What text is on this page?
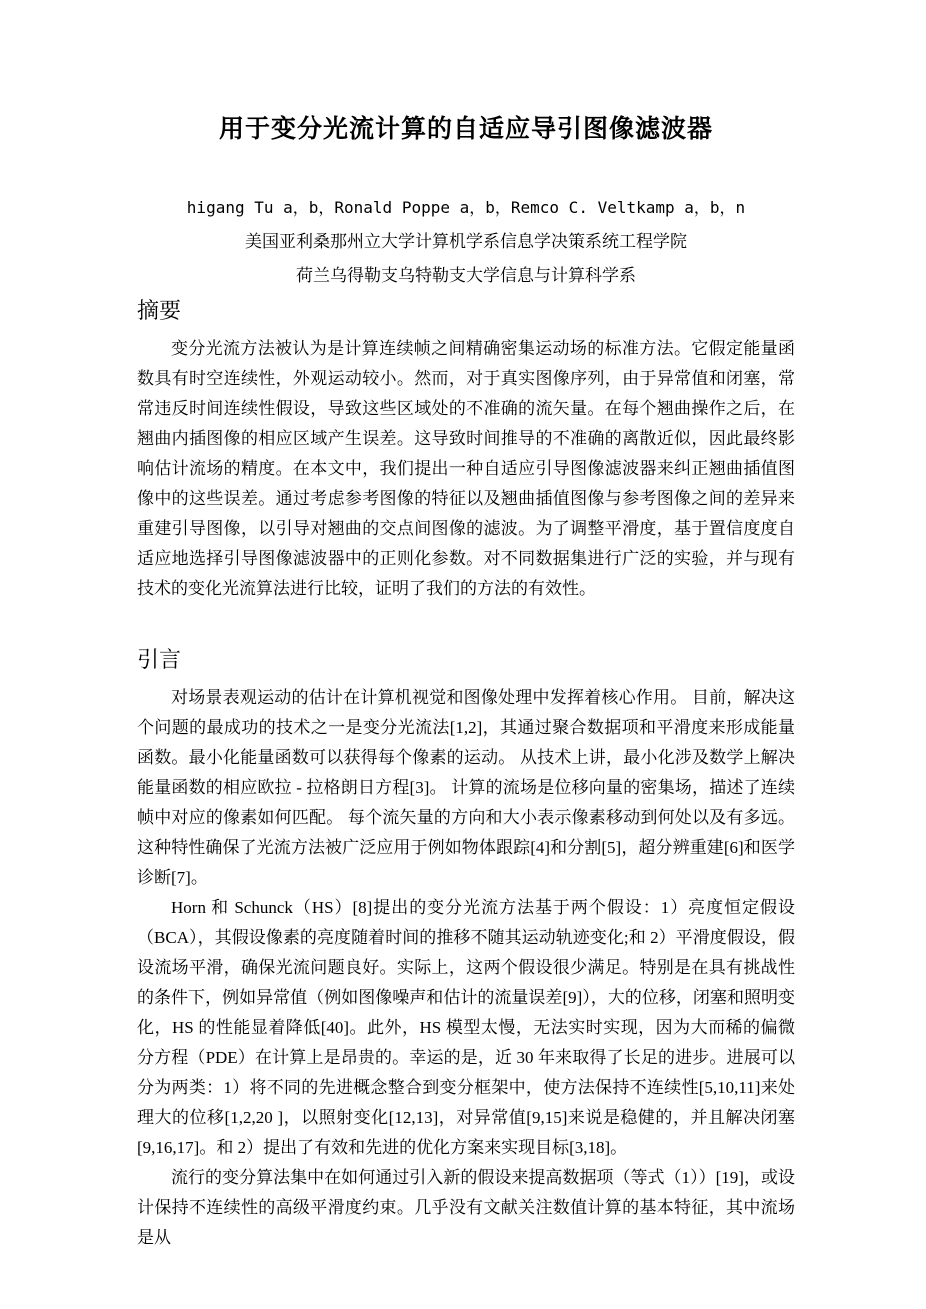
用于变分光流计算的自适应导引图像滤波器

higang Tu a，b，Ronald Poppe a，b，Remco C. Veltkamp a，b，n

美国亚利桑那州立大学计算机学系信息学决策系统工程学院

荷兰乌得勒支乌特勒支大学信息与计算科学系

摘要

变分光流方法被认为是计算连续帧之间精确密集运动场的标准方法。它假定能量函数具有时空连续性，外观运动较小。然而，对于真实图像序列，由于异常值和闭塞，常常违反时间连续性假设，导致这些区域处的不准确的流矢量。在每个翘曲操作之后，在翘曲内插图像的相应区域产生误差。这导致时间推导的不准确的离散近似，因此最终影响估计流场的精度。在本文中，我们提出一种自适应引导图像滤波器来纠正翘曲插值图像中的这些误差。通过考虑参考图像的特征以及翘曲插值图像与参考图像之间的差异来重建引导图像，以引导对翘曲的交点间图像的滤波。为了调整平滑度，基于置信度度自适应地选择引导图像滤波器中的正则化参数。对不同数据集进行广泛的实验，并与现有技术的变化光流算法进行比较，证明了我们的方法的有效性。

引言

对场景表观运动的估计在计算机视觉和图像处理中发挥着核心作用。 目前，解决这个问题的最成功的技术之一是变分光流法[1,2]，其通过聚合数据项和平滑度来形成能量函数。最小化能量函数可以获得每个像素的运动。 从技术上讲，最小化涉及数学上解决能量函数的相应欧拉 - 拉格朗日方程[3]。 计算的流场是位移向量的密集场，描述了连续帧中对应的像素如何匹配。 每个流矢量的方向和大小表示像素移动到何处以及有多远。 这种特性确保了光流方法被广泛应用于例如物体跟踪[4]和分割[5]，超分辨重建[6]和医学诊断[7]。

Horn 和 Schunck（HS）[8]提出的变分光流方法基于两个假设：1）亮度恒定假设（BCA），其假设像素的亮度随着时间的推移不随其运动轨迹变化;和 2）平滑度假设，假设流场平滑，确保光流问题良好。实际上，这两个假设很少满足。特别是在具有挑战性的条件下，例如异常值（例如图像噪声和估计的流量误差[9]），大的位移，闭塞和照明变化，HS 的性能显着降低[40]。此外，HS 模型太慢，无法实时实现，因为大而稀的偏微分方程（PDE）在计算上是昂贵的。幸运的是，近 30 年来取得了长足的进步。进展可以分为两类：1）将不同的先进概念整合到变分框架中，使方法保持不连续性[5,10,11]来处理大的位移[1,2,20 ]，以照射变化[12,13]，对异常值[9,15]来说是稳健的，并且解决闭塞[9,16,17]。和 2）提出了有效和先进的优化方案来实现目标[3,18]。

流行的变分算法集中在如何通过引入新的假设来提高数据项（等式（1））[19]，或设计保持不连续性的高级平滑度约束。几乎没有文献关注数值计算的基本特征，其中流场是从
